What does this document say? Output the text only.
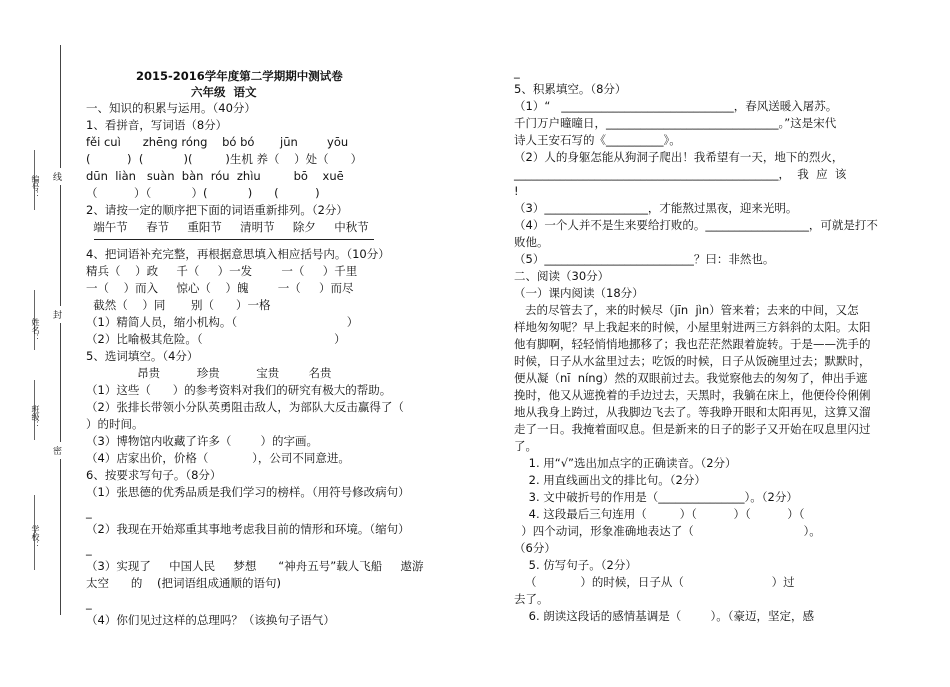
编号：
姓名：
班级：
学校：
线
封
密
2015-2016学年度第二学期期中测试卷
六年级  语文
一、知识的积累与运用。（40分）
1、看拼音，写词语（8分）
fěi cuì      zhēng róng    bó bó       jūn        yōu
(          )  (           )(         )生机 养（    ）处（      ）
dūn  liàn   suàn  bàn  róu  zhìu         bō    xuē
（          ）（           ）(           )      (          )
2、请按一定的顺序把下面的词语重新排列。（2分）
端午节     春节     重阳节     清明节     除夕     中秋节
4、把词语补充完整，再根据意思填入相应括号内。（10分）
精兵（    ）政     千（     ）一发        一（     ）千里
一（    ）而入     惊心（    ）魄        一（     ）而尽
截然（    ）同       别（      ）一格
（1）精简人员，缩小机构。（                              ）
（2）比喻极其危险。（                                    ）
5、选词填空。（4分）
昂贵          珍贵          宝贵        名贵
（1）这些（      ）的参考资料对我们的研究有极大的帮助。
（2）张排长带领小分队英勇阻击敌人，为部队大反击赢得了（
）的时间。
（3）博物馆内收藏了许多（        ）的字画。
（4）店家出价，价格（            ），公司不同意进。
6、按要求写句子。（8分）
（1）张思德的优秀品质是我们学习的榜样。（用符号修改病句）
_
（2）我现在开始郑重其事地考虑我目前的情形和环境。（缩句）
_
（3）实现了     中国人民     梦想      “神舟五号”载人飞船     遨游
太空      的    (把词语组成通顺的语句)
_
（4）你们见过这样的总理吗？（该换句子语气）
_
5、积累填空。（8分）
（1）“   ______________________________，春风送暖入屠苏。
千门万户曈曈日，______________________________。”这是宋代
诗人王安石写的《__________》。
（2）人的身躯怎能从狗洞子爬出！我希望有一天，地下的烈火，
______________________________________________，  我  应  该
!
（3）__________________，才能熬过黑夜，迎来光明。
（4）一个人并不是生来要给打败的。__________________，可就是打不
败他。
（5）__________________________？曰：非然也。
二、阅读（30分）
（一）课内阅读（18分）
去的尽管去了，来的时候尽（jīn  jìn）管来着；去来的中间，又怎
样地匆匆呢？早上我起来的时候，小屋里射进两三方斜斜的太阳。太阳
他有脚啊，轻轻悄悄地挪移了；我也茫茫然跟着旋转。于是——洗手的
时候，日子从水盆里过去；吃饭的时候，日子从饭碗里过去；默默时，
便从凝（nī  níng）然的双眼前过去。我觉察他去的匆匆了，伸出手遮
挽时，他又从遮挽着的手边过去，天黑时，我躺在床上，他便伶伶俐俐
地从我身上跨过，从我脚边飞去了。等我睁开眼和太阳再见，这算又溜
走了一日。我掩着面叹息。但是新来的日子的影子又开始在叹息里闪过
了。
1. 用“√”选出加点字的正确读音。（2分）
2. 用直线画出文的排比句。（2分）
3. 文中破折号的作用是（_______________）。（2分）
4. 这段最后三句连用（         ）（          ）（          ）（
）四个动词，形象准确地表达了（                              ）。
（6分）
5. 仿写句子。（2分）
（            ）的时候，日子从（                        ）过
去了。
6. 朗读这段话的感情基调是（        ）。（豪迈，坚定，感
